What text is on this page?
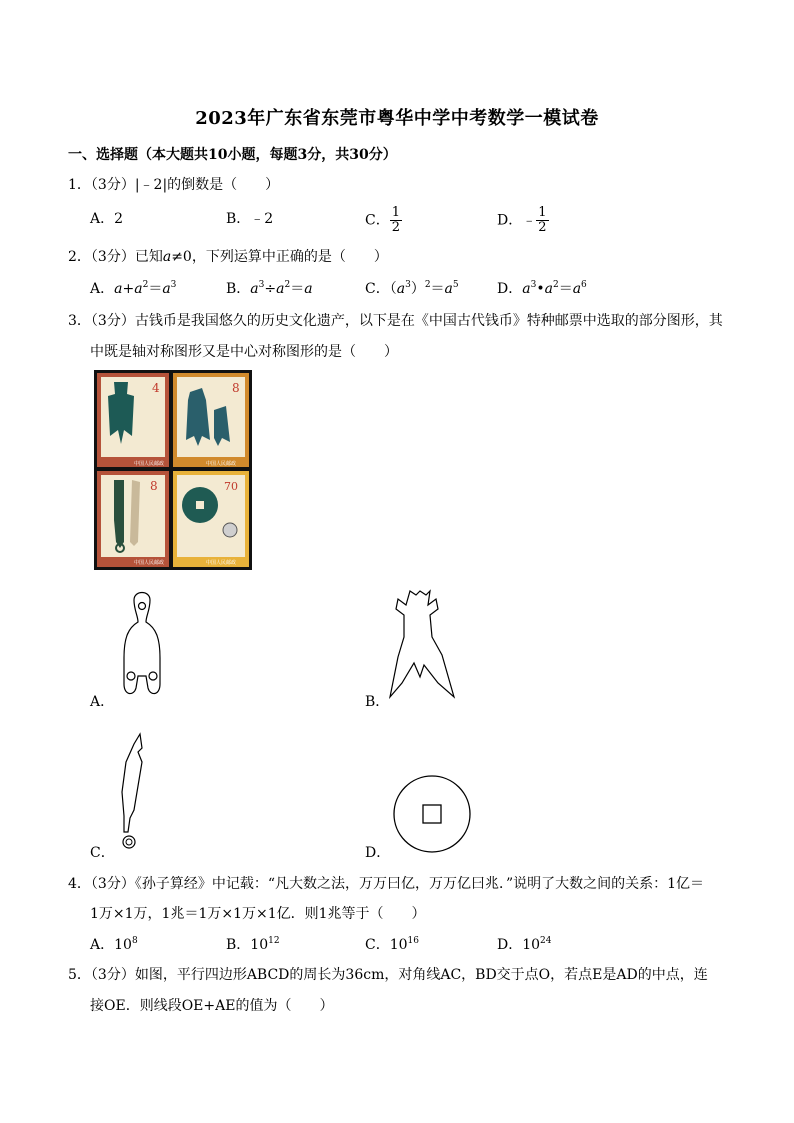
2023年广东省东莞市粤华中学中考数学一模试卷
一、选择题（本大题共10小题，每题3分，共30分）
1．（3分）|﹣2|的倒数是（　　）
A．2	B．﹣2	C． $\frac{1}{2}$	D．﹣ $\frac{1}{2}$
2．（3分）已知a≠0，下列运算中正确的是（　　）
A．$a+a^2=a^3$	B．$a^3\div a^2=a$	C．$(a^3)^2=a^5$	D．$a^3•a^2=a^6$
3．（3分）古钱币是我国悠久的历史文化遗产，以下是在《中国古代钱币》特种邮票中选取的部分图形，其
中既是轴对称图形又是中心对称图形的是（　　）
4
中国人民邮政
8
中国人民邮政
8
中国人民邮政
70
中国人民邮政
A．	B．
C．	D．
4．（3分）《孙子算经》中记载：“凡大数之法，万万曰亿，万万亿曰兆．”说明了大数之间的关系：1亿＝
1万×1万，1兆＝1万×1万×1亿．则1兆等于（　　）
A．$10^8$	B．$10^{12}$	C．$10^{16}$	D．$10^{24}$
5．（3分）如图，平行四边形ABCD的周长为36cm，对角线AC，BD交于点O，若点E是AD的中点，连
接OE．则线段OE+AE的值为（　　）
